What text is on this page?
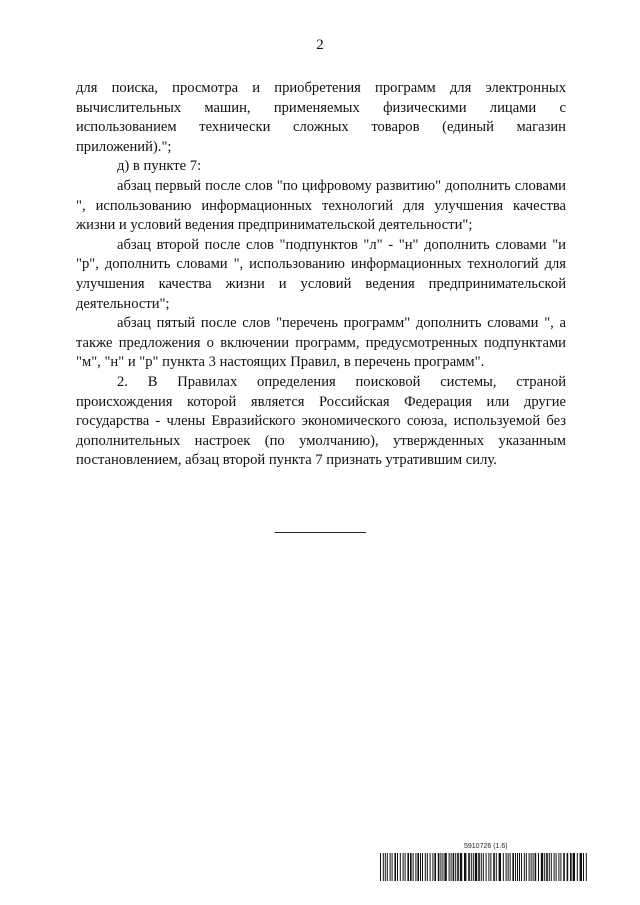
2

для поиска, просмотра и приобретения программ для электронных вычислительных машин, применяемых физическими лицами с использованием технически сложных товаров (единый магазин приложений).";

д) в пункте 7:

абзац первый после слов "по цифровому развитию" дополнить словами ", использованию информационных технологий для улучшения качества жизни и условий ведения предпринимательской деятельности";

абзац второй после слов "подпунктов "л" - "н" дополнить словами "и "р", дополнить словами ", использованию информационных технологий для улучшения качества жизни и условий ведения предпринимательской деятельности";

абзац пятый после слов "перечень программ" дополнить словами ", а также предложения о включении программ, предусмотренных подпунктами "м", "н" и "р" пункта 3 настоящих Правил, в перечень программ".

2. В Правилах определения поисковой системы, страной происхождения которой является Российская Федерация или другие государства - члены Евразийского экономического союза, используемой без дополнительных настроек (по умолчанию), утвержденных указанным постановлением, абзац второй пункта 7 признать утратившим силу.

5910726 (1.6)
